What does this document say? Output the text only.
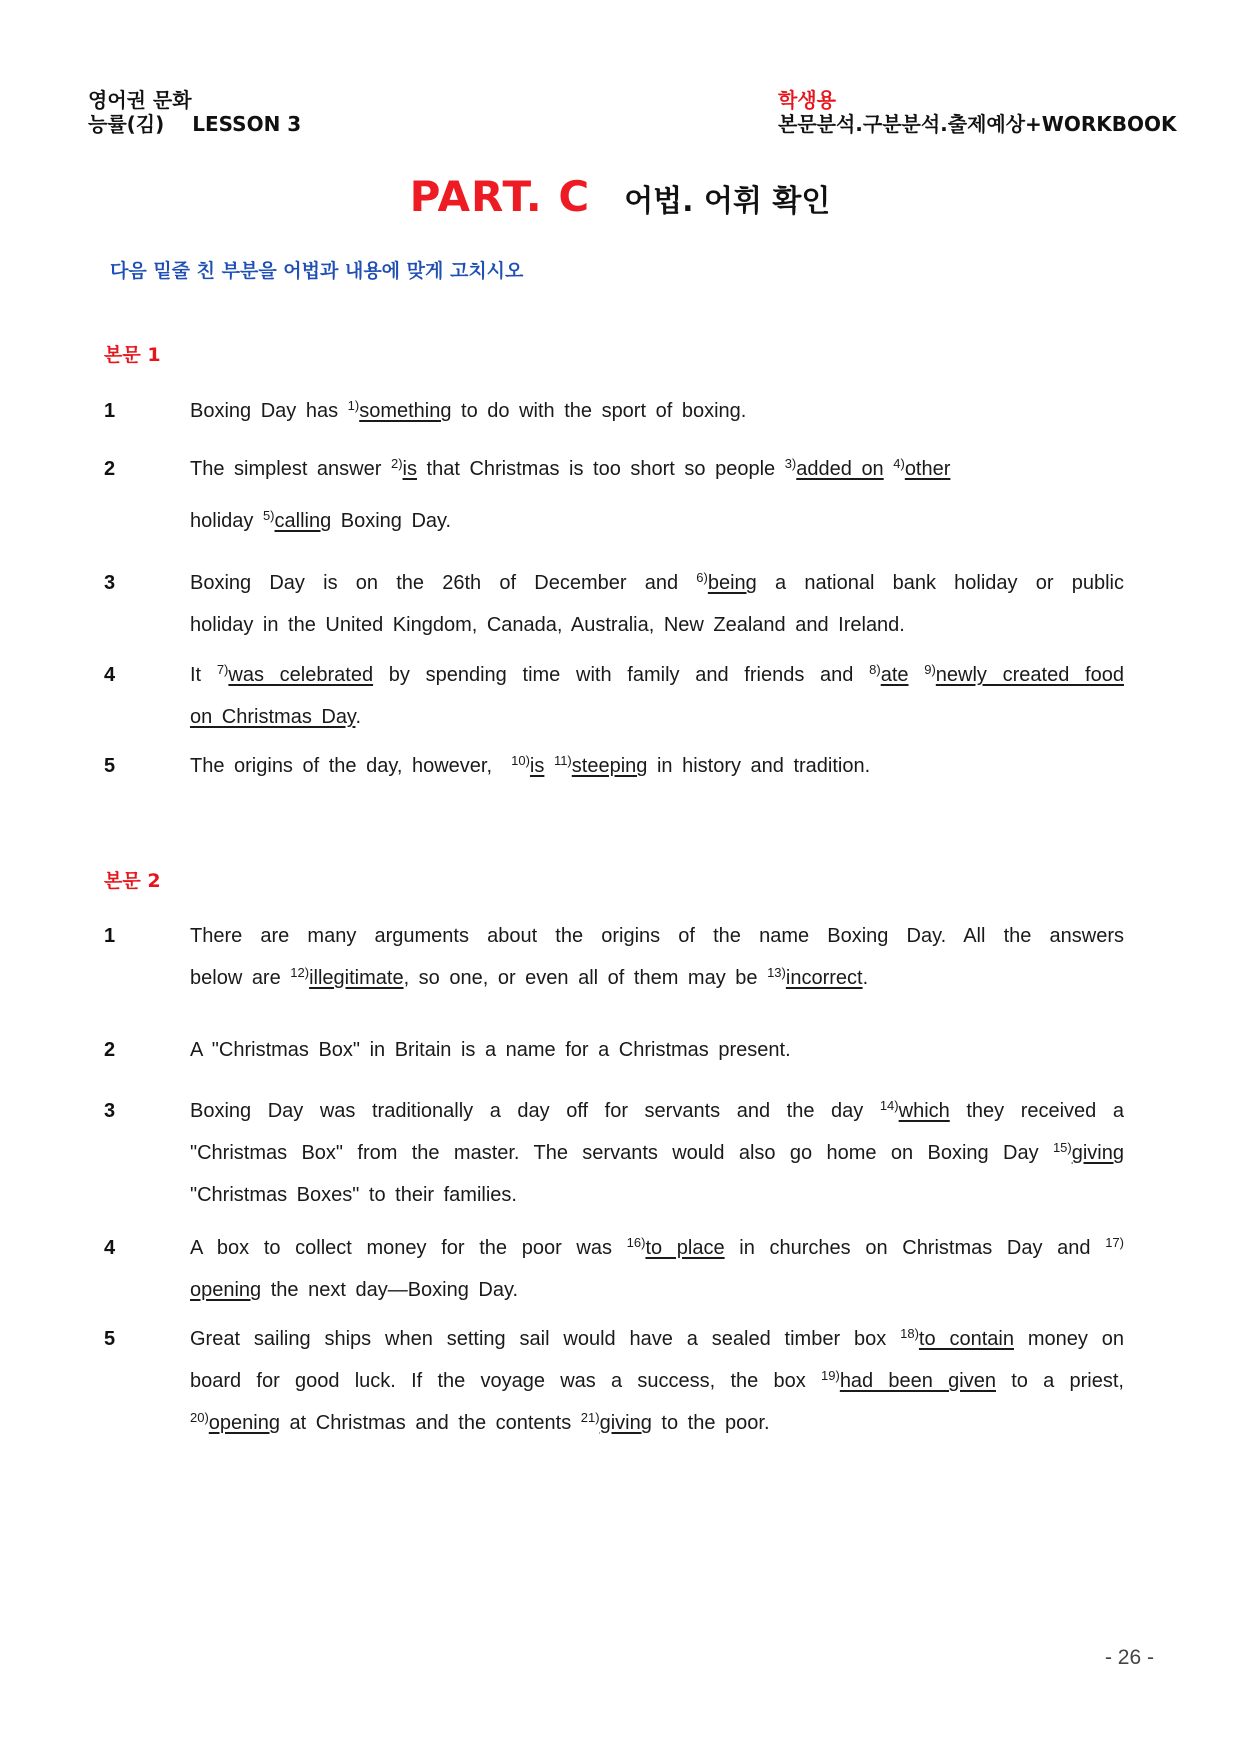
영어권 문화
능률(김) LESSON 3
학생용
본문분석.구분분석.출제예상+WORKBOOK
PART. C 어법. 어휘 확인
다음 밑줄 친 부분을 어법과 내용에 맞게 고치시오
본문 1
1	Boxing Day has $^{1)}$something to do with the sport of boxing.
2	The simplest answer $^{2)}$is that Christmas is too short so people $^{3)}$added on $^{4)}$other
holiday $^{5)}$calling Boxing Day.
3	Boxing Day is on the 26th of December and $^{6)}$being a national bank holiday or public
holiday in the United Kingdom, Canada, Australia, New Zealand and Ireland.
4	It $^{7)}$was celebrated by spending time with family and friends and $^{8)}$ate $^{9)}$newly created food
on Christmas Day.
5	The origins of the day, however,  $^{10)}$is $^{11)}$steeping in history and tradition.
본문 2
1	There are many arguments about the origins of the name Boxing Day. All the answers
below are $^{12)}$illegitimate, so one, or even all of them may be $^{13)}$incorrect.
2	A "Christmas Box" in Britain is a name for a Christmas present.
3	Boxing Day was traditionally a day off for servants and the day $^{14)}$which they received a
"Christmas Box" from the master. The servants would also go home on Boxing Day $^{15)}$giving
"Christmas Boxes" to their families.
4	A box to collect money for the poor was $^{16)}$to place in churches on Christmas Day and $^{17)}$
opening the next day—Boxing Day.
5	Great sailing ships when setting sail would have a sealed timber box $^{18)}$to contain money on
board for good luck. If the voyage was a success, the box $^{19)}$had been given to a priest,
$^{20)}$opening at Christmas and the contents $^{21)}$giving to the poor.
- 26 -
